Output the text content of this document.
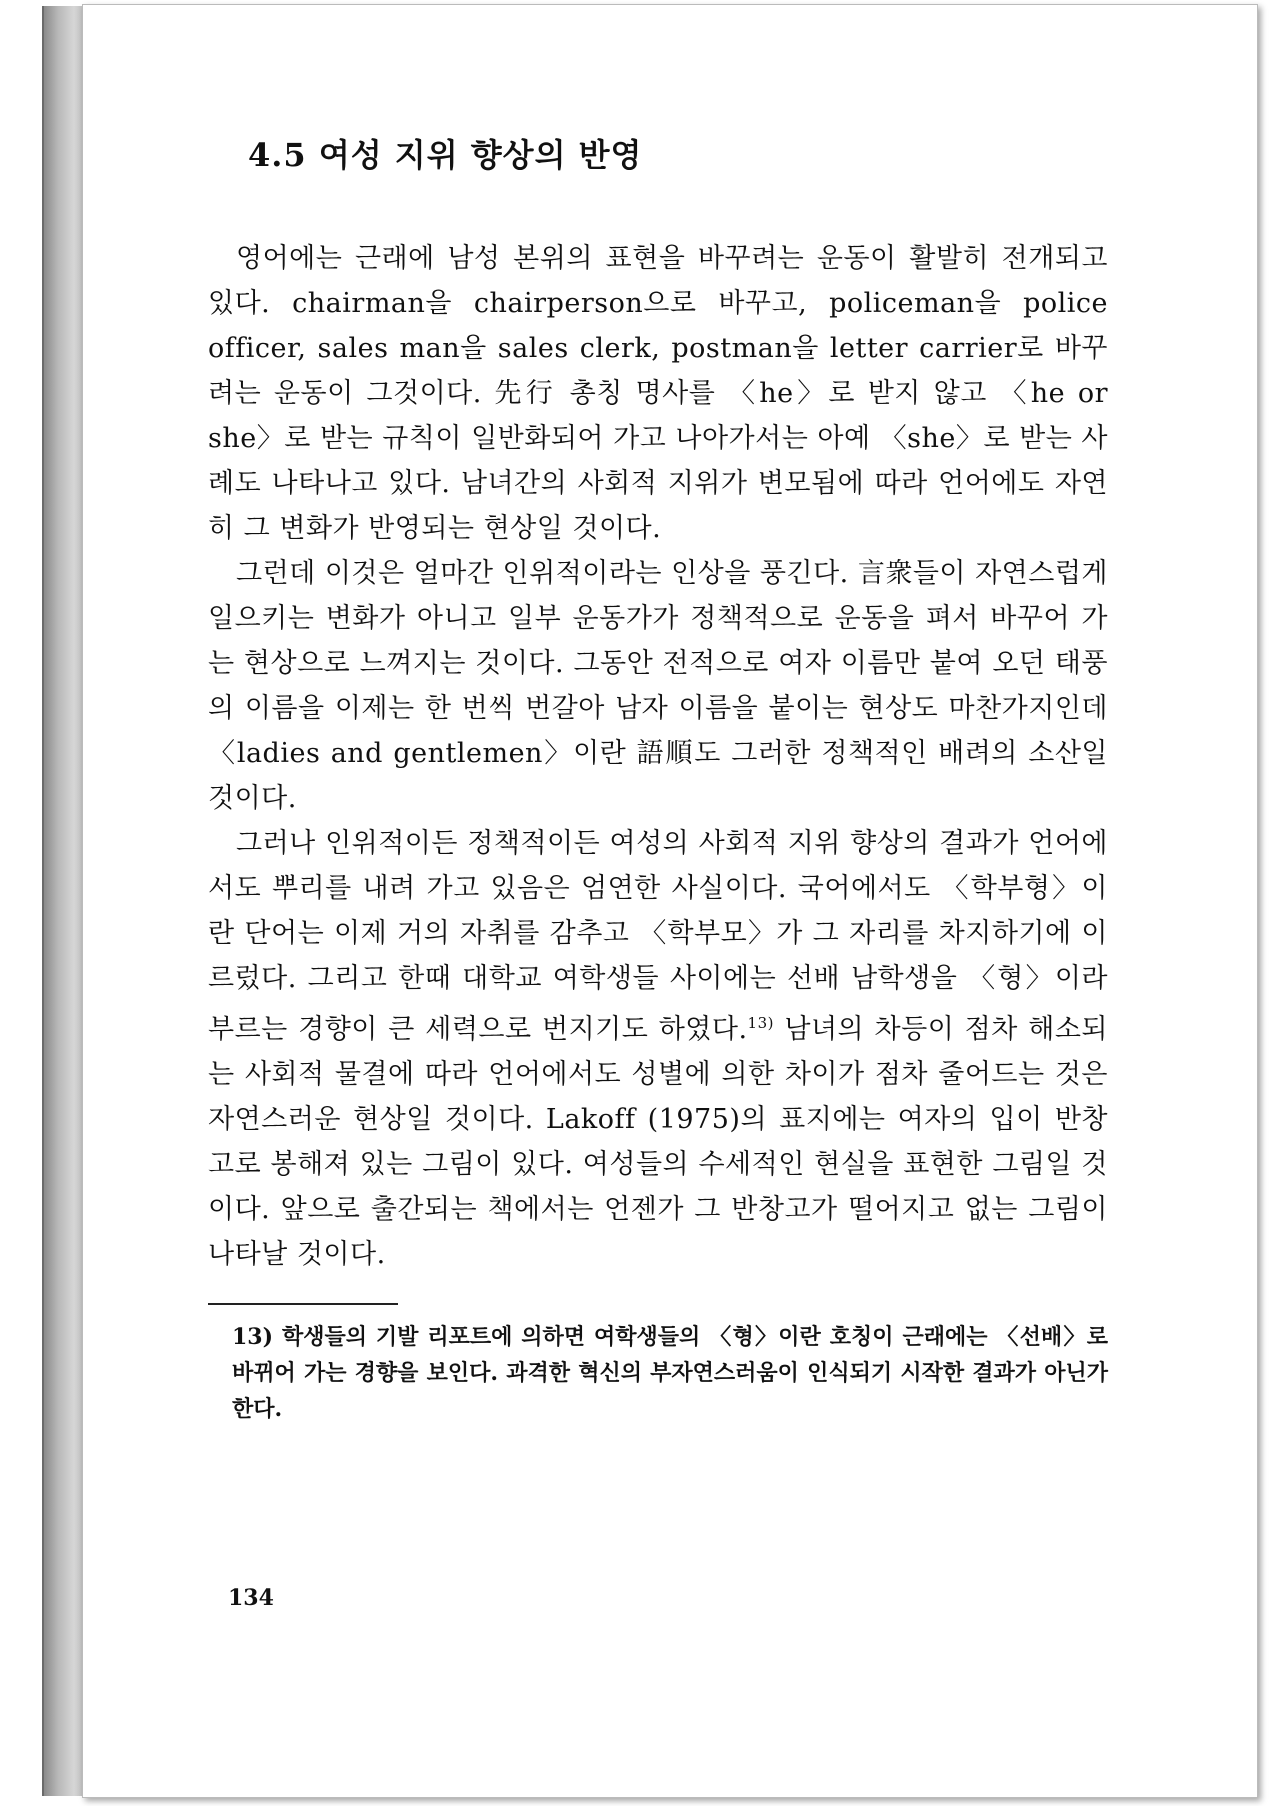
4.5 여성 지위 향상의 반영

영어에는 근래에 남성 본위의 표현을 바꾸려는 운동이 활발히 전개되고 있다. chairman을 chairperson으로 바꾸고, policeman을 police officer, sales man을 sales clerk, postman을 letter carrier로 바꾸려는 운동이 그것이다. 先行 총칭 명사를 〈he〉로 받지 않고 〈he or she〉로 받는 규칙이 일반화되어 가고 나아가서는 아예 〈she〉로 받는 사례도 나타나고 있다. 남녀간의 사회적 지위가 변모됨에 따라 언어에도 자연히 그 변화가 반영되는 현상일 것이다.

그런데 이것은 얼마간 인위적이라는 인상을 풍긴다. 言衆들이 자연스럽게 일으키는 변화가 아니고 일부 운동가가 정책적으로 운동을 펴서 바꾸어 가는 현상으로 느껴지는 것이다. 그동안 전적으로 여자 이름만 붙여 오던 태풍의 이름을 이제는 한 번씩 번갈아 남자 이름을 붙이는 현상도 마찬가지인데 〈ladies and gentlemen〉이란 語順도 그러한 정책적인 배려의 소산일 것이다.

그러나 인위적이든 정책적이든 여성의 사회적 지위 향상의 결과가 언어에서도 뿌리를 내려 가고 있음은 엄연한 사실이다. 국어에서도 〈학부형〉이란 단어는 이제 거의 자취를 감추고 〈학부모〉가 그 자리를 차지하기에 이르렀다. 그리고 한때 대학교 여학생들 사이에는 선배 남학생을 〈형〉이라 부르는 경향이 큰 세력으로 번지기도 하였다.$^{13)}$ 남녀의 차등이 점차 해소되는 사회적 물결에 따라 언어에서도 성별에 의한 차이가 점차 줄어드는 것은 자연스러운 현상일 것이다. Lakoff (1975)의 표지에는 여자의 입이 반창고로 봉해져 있는 그림이 있다. 여성들의 수세적인 현실을 표현한 그림일 것이다. 앞으로 출간되는 책에서는 언젠가 그 반창고가 떨어지고 없는 그림이 나타날 것이다.

13) 학생들의 기발 리포트에 의하면 여학생들의 〈형〉이란 호칭이 근래에는 〈선배〉로 바뀌어 가는 경향을 보인다. 과격한 혁신의 부자연스러움이 인식되기 시작한 결과가 아닌가 한다.

134
